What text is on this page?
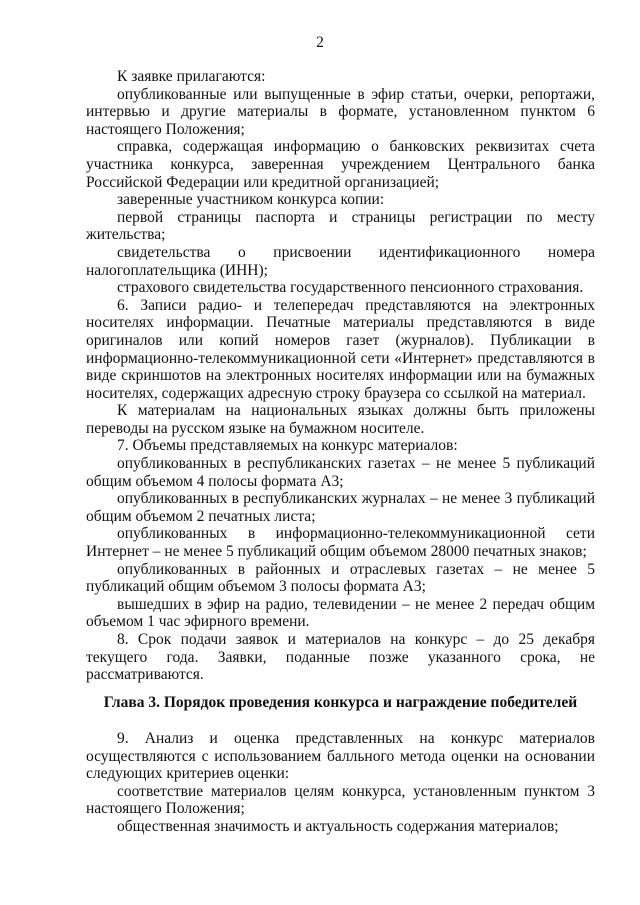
2

К заявке прилагаются:

опубликованные или выпущенные в эфир статьи, очерки, репортажи, интервью и другие материалы в формате, установленном пунктом 6 настоящего Положения;

справка, содержащая информацию о банковских реквизитах счета участника конкурса, заверенная учреждением Центрального банка Российской Федерации или кредитной организацией;

заверенные участником конкурса копии:

первой страницы паспорта и страницы регистрации по месту жительства;

свидетельства о присвоении идентификационного номера налогоплательщика (ИНН);

страхового свидетельства государственного пенсионного страхования.

6. Записи радио- и телепередач представляются на электронных носителях информации. Печатные материалы представляются в виде оригиналов или копий номеров газет (журналов). Публикации в информационно-телекоммуникационной сети «Интернет» представляются в виде скриншотов на электронных носителях информации или на бумажных носителях, содержащих адресную строку браузера со ссылкой на материал.

К материалам на национальных языках должны быть приложены переводы на русском языке на бумажном носителе.

7. Объемы представляемых на конкурс материалов:

опубликованных в республиканских газетах – не менее 5 публикаций общим объемом 4 полосы формата А3;

опубликованных в республиканских журналах – не менее 3 публикаций общим объемом 2 печатных листа;

опубликованных в информационно-телекоммуникационной сети Интернет – не менее 5 публикаций общим объемом 28000 печатных знаков;

опубликованных в районных и отраслевых газетах – не менее 5 публикаций общим объемом 3 полосы формата А3;

вышедших в эфир на радио, телевидении – не менее 2 передач общим объемом 1 час эфирного времени.

8. Срок подачи заявок и материалов на конкурс – до 25 декабря текущего года. Заявки, поданные позже указанного срока, не рассматриваются.

Глава 3. Порядок проведения конкурса и награждение победителей

9. Анализ и оценка представленных на конкурс материалов осуществляются с использованием балльного метода оценки на основании следующих критериев оценки:

соответствие материалов целям конкурса, установленным пунктом 3 настоящего Положения;

общественная значимость и актуальность содержания материалов;
